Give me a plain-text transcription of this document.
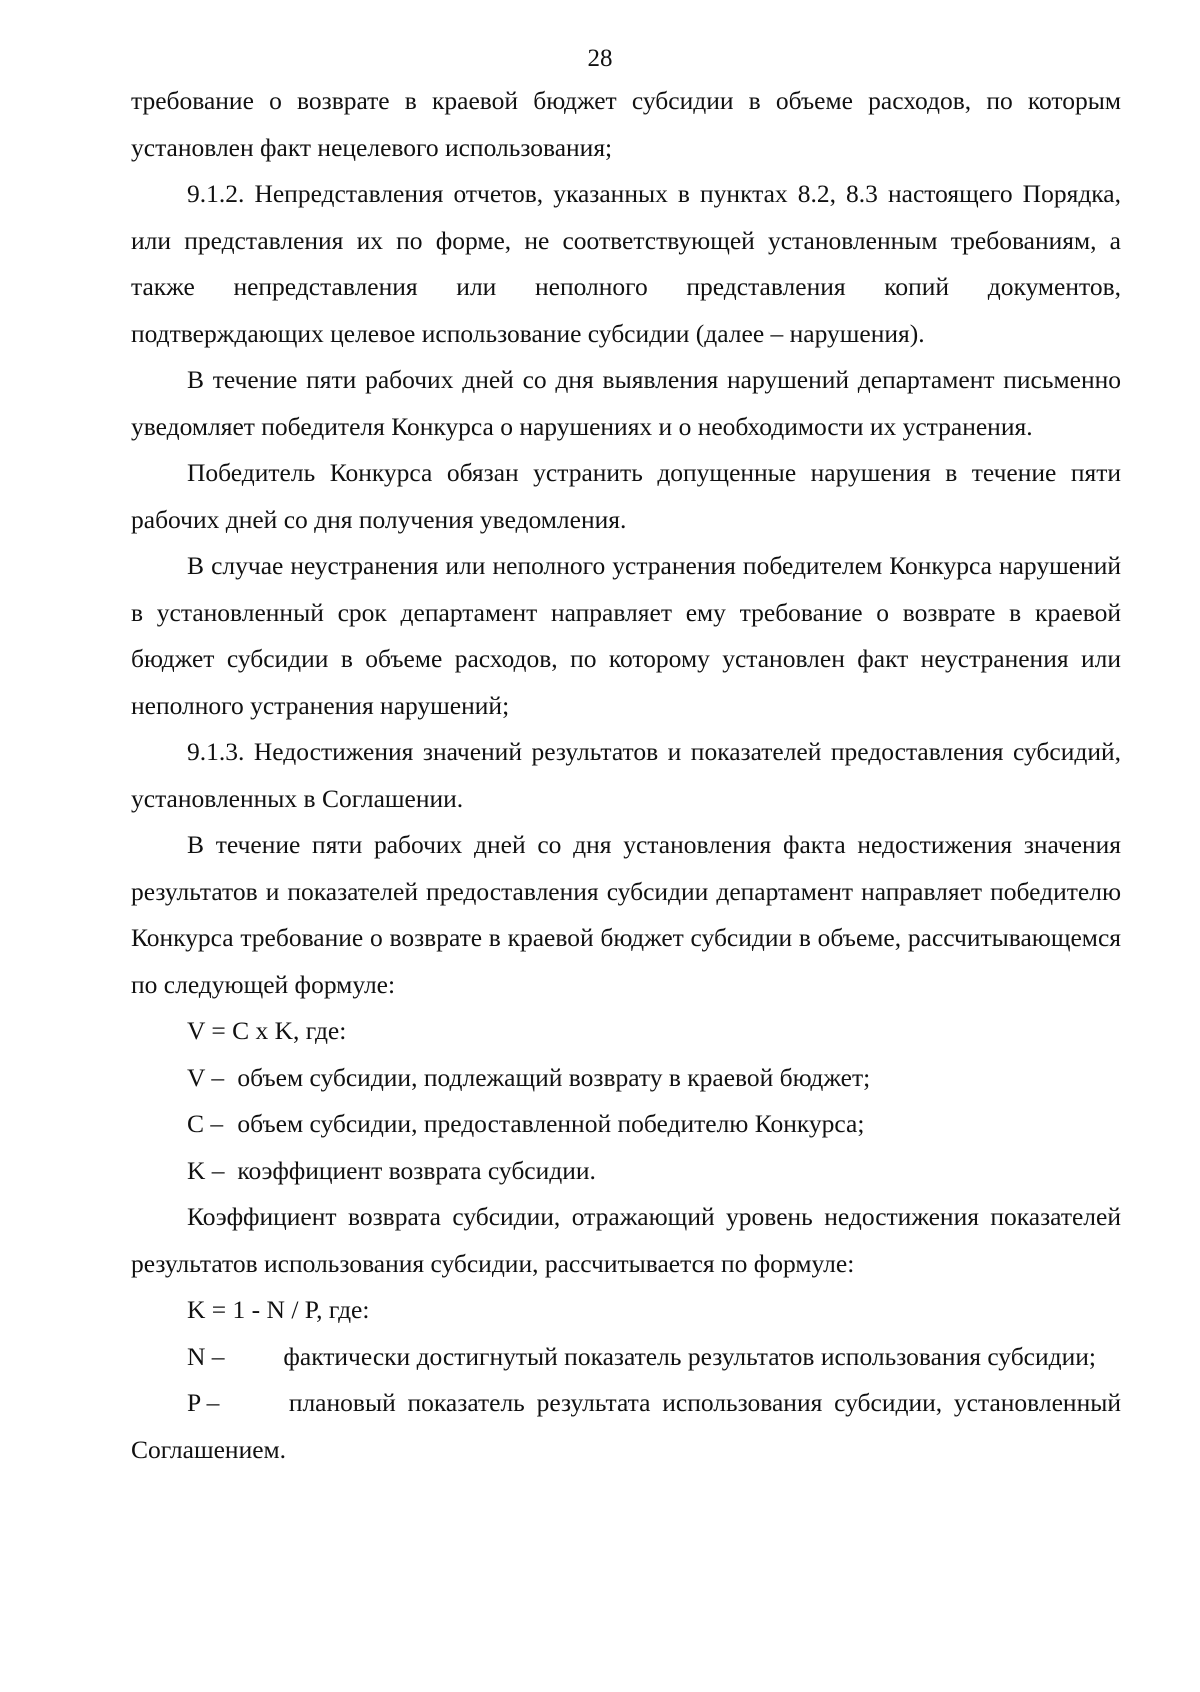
28

требование о возврате в краевой бюджет субсидии в объеме расходов, по которым установлен факт нецелевого использования;

9.1.2. Непредставления отчетов, указанных в пунктах 8.2, 8.3 настоящего Порядка, или представления их по форме, не соответствующей установленным требованиям, а также непредставления или неполного представления копий документов, подтверждающих целевое использование субсидии (далее – нарушения).

В течение пяти рабочих дней со дня выявления нарушений департамент письменно уведомляет победителя Конкурса о нарушениях и о необходимости их устранения.

Победитель Конкурса обязан устранить допущенные нарушения в течение пяти рабочих дней со дня получения уведомления.

В случае неустранения или неполного устранения победителем Конкурса нарушений в установленный срок департамент направляет ему требование о возврате в краевой бюджет субсидии в объеме расходов, по которому установлен факт неустранения или неполного устранения нарушений;

9.1.3. Недостижения значений результатов и показателей предоставления субсидий, установленных в Соглашении.

В течение пяти рабочих дней со дня установления факта недостижения значения результатов и показателей предоставления субсидии департамент направляет победителю Конкурса требование о возврате в краевой бюджет субсидии в объеме, рассчитывающемся по следующей формуле:

V = С x K, где:

V – объем субсидии, подлежащий возврату в краевой бюджет;

С – объем субсидии, предоставленной победителю Конкурса;

K – коэффициент возврата субсидии.

Коэффициент возврата субсидии, отражающий уровень недостижения показателей результатов использования субсидии, рассчитывается по формуле:

K = 1 - N / P, где:

N – фактически достигнутый показатель результатов использования субсидии;

P –	плановый показатель результата использования субсидии, установленный Соглашением.
